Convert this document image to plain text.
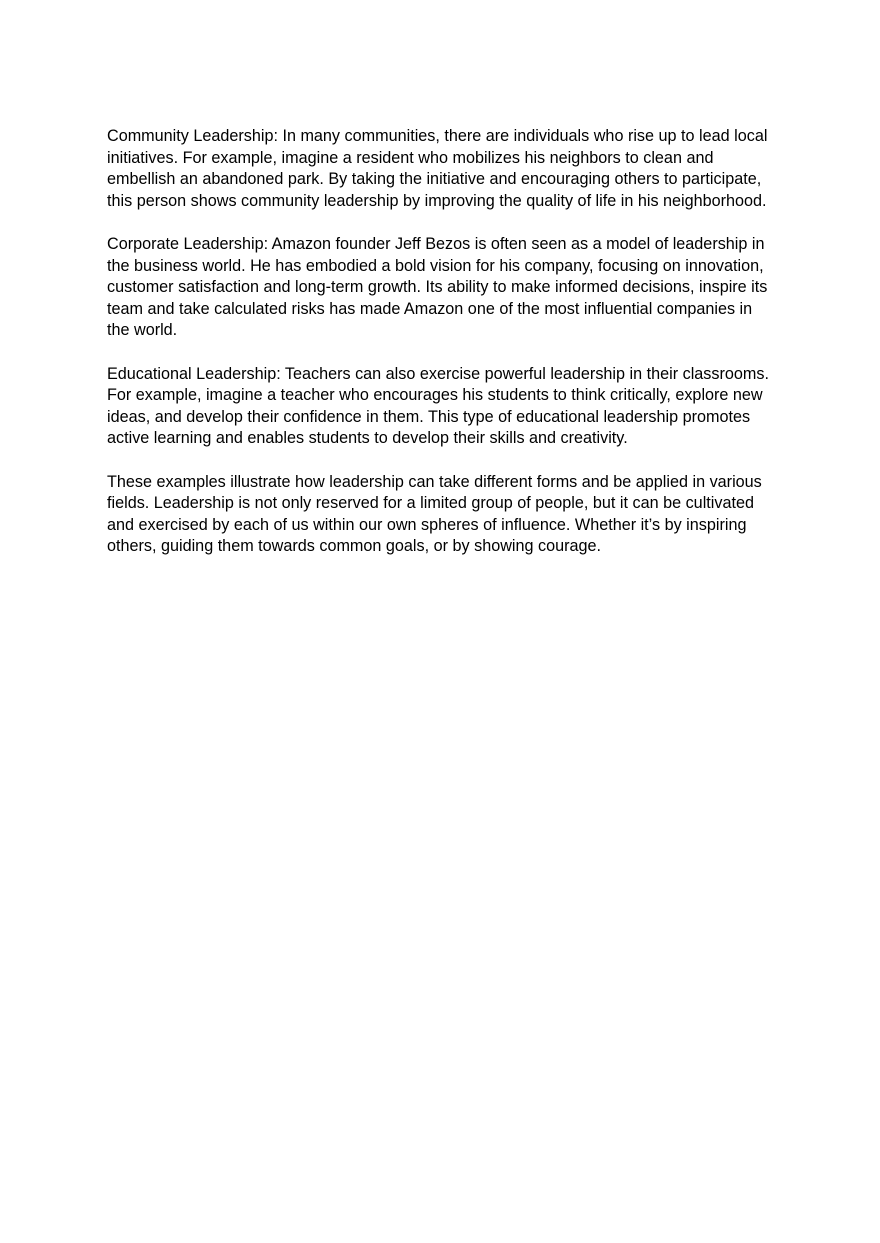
Community Leadership: In many communities, there are individuals who rise up to lead local
initiatives. For example, imagine a resident who mobilizes his neighbors to clean and
embellish an abandoned park. By taking the initiative and encouraging others to participate,
this person shows community leadership by improving the quality of life in his neighborhood.

Corporate Leadership: Amazon founder Jeff Bezos is often seen as a model of leadership in
the business world. He has embodied a bold vision for his company, focusing on innovation,
customer satisfaction and long-term growth. Its ability to make informed decisions, inspire its
team and take calculated risks has made Amazon one of the most influential companies in
the world.

Educational Leadership: Teachers can also exercise powerful leadership in their classrooms.
For example, imagine a teacher who encourages his students to think critically, explore new
ideas, and develop their confidence in them. This type of educational leadership promotes
active learning and enables students to develop their skills and creativity.

These examples illustrate how leadership can take different forms and be applied in various
fields. Leadership is not only reserved for a limited group of people, but it can be cultivated
and exercised by each of us within our own spheres of influence. Whether it’s by inspiring
others, guiding them towards common goals, or by showing courage.
